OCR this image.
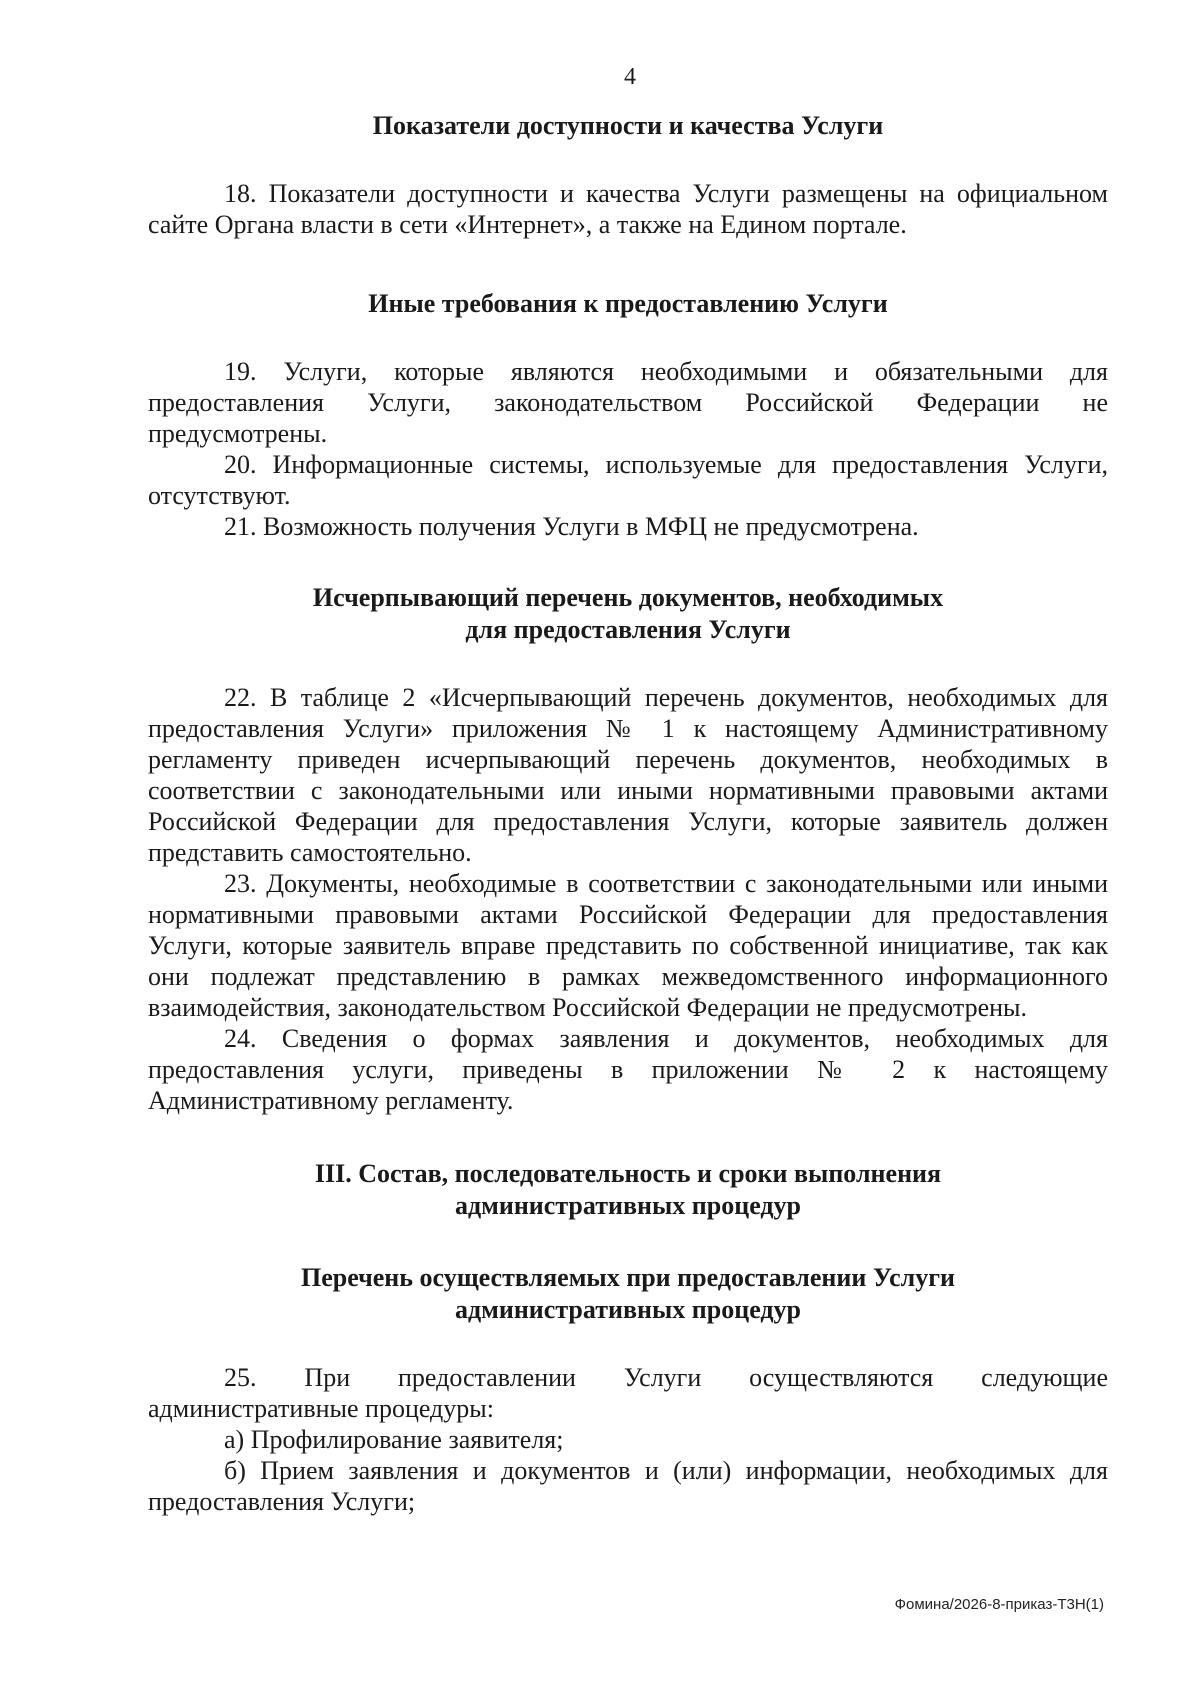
4

Показатели доступности и качества Услуги

18. Показатели доступности и качества Услуги размещены на официальном сайте Органа власти в сети «Интернет», а также на Едином портале.

Иные требования к предоставлению Услуги

19. Услуги, которые являются необходимыми и обязательными для предоставления Услуги, законодательством Российской Федерации не предусмотрены.

20. Информационные системы, используемые для предоставления Услуги, отсутствуют.

21. Возможность получения Услуги в МФЦ не предусмотрена.

Исчерпывающий перечень документов, необходимых

для предоставления Услуги

22. В таблице 2 «Исчерпывающий перечень документов, необходимых для предоставления Услуги» приложения № 1 к настоящему Административному регламенту приведен исчерпывающий перечень документов, необходимых в соответствии с законодательными или иными нормативными правовыми актами Российской Федерации для предоставления Услуги, которые заявитель должен представить самостоятельно.

23. Документы, необходимые в соответствии с законодательными или иными нормативными правовыми актами Российской Федерации для предоставления Услуги, которые заявитель вправе представить по собственной инициативе, так как они подлежат представлению в рамках межведомственного информационного взаимодействия, законодательством Российской Федерации не предусмотрены.

24. Сведения о формах заявления и документов, необходимых для предоставления услуги, приведены в приложении № 2 к настоящему Административному регламенту.

III. Состав, последовательность и сроки выполнения

административных процедур

Перечень осуществляемых при предоставлении Услуги

административных процедур

25. При предоставлении Услуги осуществляются следующие административные процедуры:

а) Профилирование заявителя;

б) Прием заявления и документов и (или) информации, необходимых для предоставления Услуги;

Фомина/2026-8-приказ-Т3Н(1)
